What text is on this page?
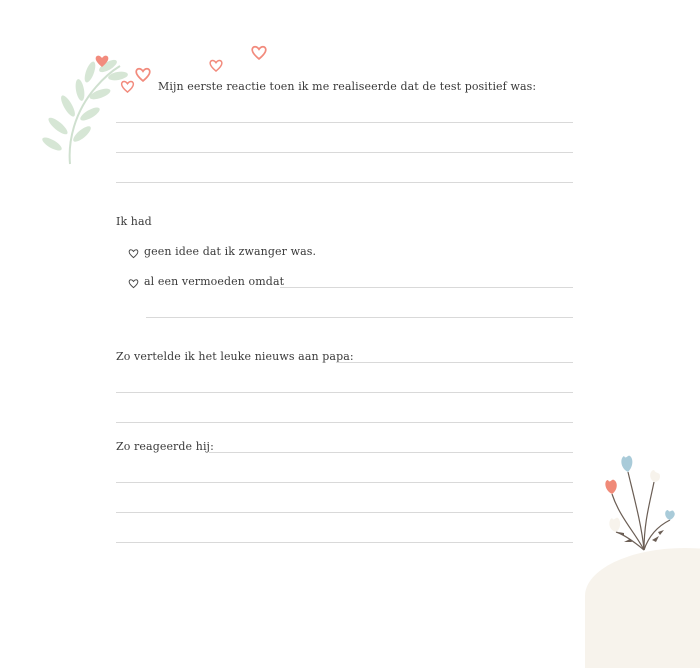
Mijn eerste reactie toen ik me realiseerde dat de test positief was:
Ik had
geen idee dat ik zwanger was.
al een vermoeden omdat
Zo vertelde ik het leuke nieuws aan papa:
Zo reageerde hij:
